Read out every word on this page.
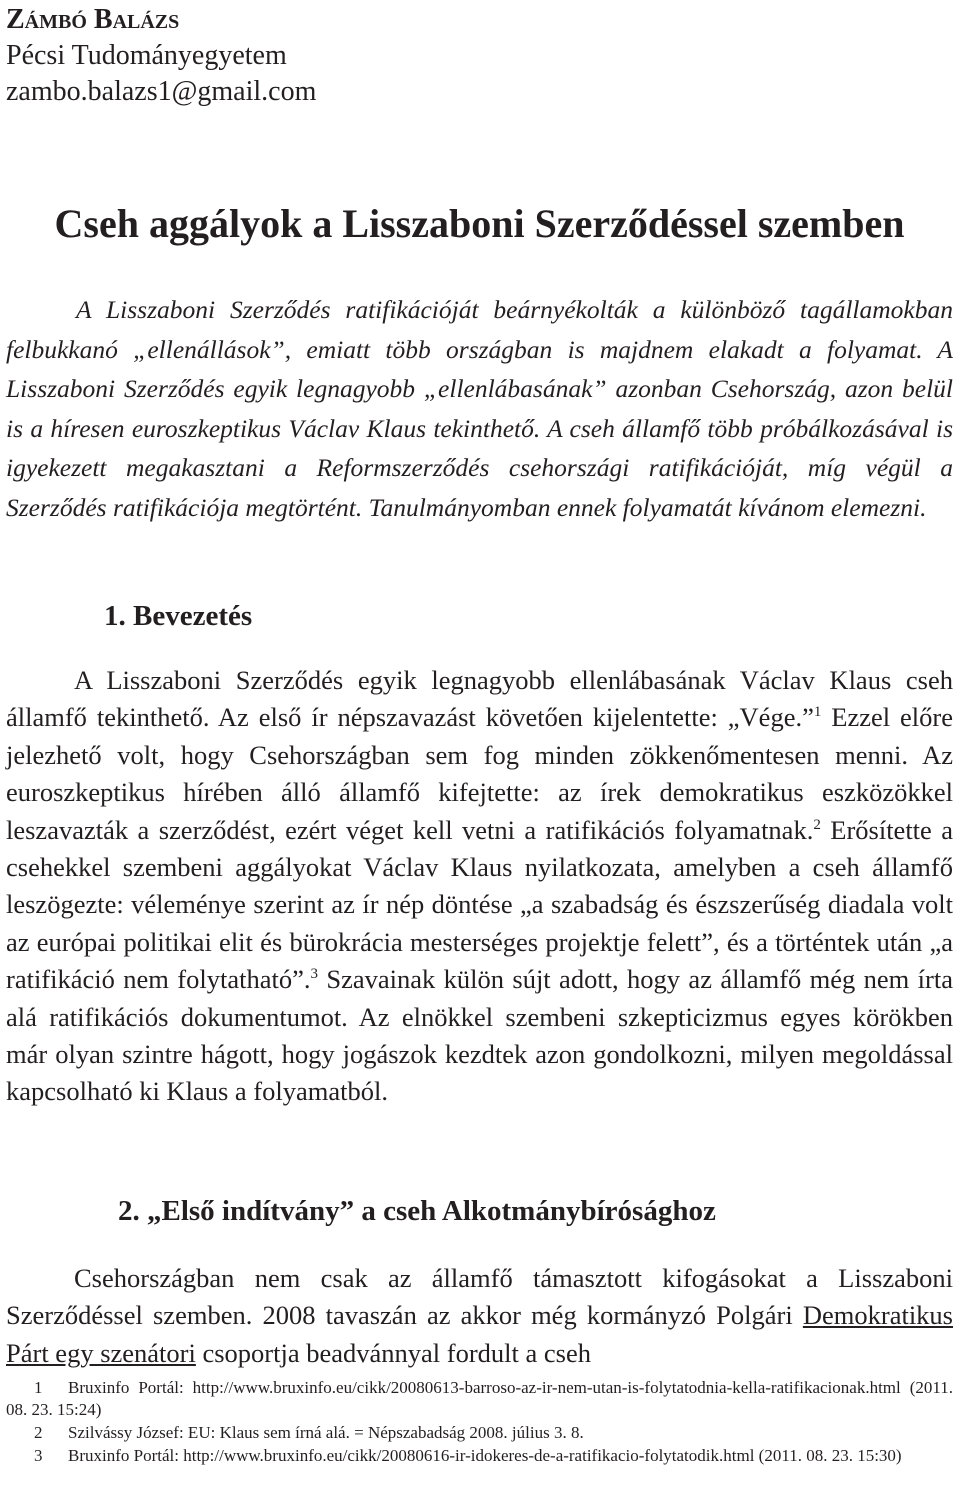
Zámbó Balázs
Pécsi Tudományegyetem
zambo.balazs1@gmail.com
Cseh aggályok a Lisszaboni Szerződéssel szemben

A Lisszaboni Szerződés ratifikációját beárnyékolták a különböző tagállamokban felbukkanó „ellenállások”, emiatt több országban is majdnem elakadt a folyamat. A Lisszaboni Szerződés egyik legnagyobb „ellenlábasának” azonban Csehország, azon belül is a híresen euroszkeptikus Václav Klaus tekinthető. A cseh államfő több próbálkozásával is igyekezett megakasztani a Reformszerződés csehországi ratifikációját, míg végül a Szerződés ratifikációja megtörtént. Tanulmányomban ennek folyamatát kívánom elemezni.

1. Bevezetés

A Lisszaboni Szerződés egyik legnagyobb ellenlábasának Václav Klaus cseh államfő tekinthető. Az első ír népszavazást követően kijelentette: „Vége.”$^1$ Ezzel előre jelezhető volt, hogy Csehországban sem fog minden zökkenőmentesen menni. Az euroszkeptikus hírében álló államfő kifejtette: az írek demokratikus eszközökkel leszavazták a szerződést, ezért véget kell vetni a ratifikációs folyamatnak.$^2$ Erősítette a csehekkel szembeni aggályokat Václav Klaus nyilatkozata, amelyben a cseh államfő leszögezte: véleménye szerint az ír nép döntése „a szabadság és észszerűség diadala volt az európai politikai elit és bürokrácia mesterséges projektje felett”, és a történtek után „a ratifikáció nem folytatható”.$^3$ Szavainak külön sújt adott, hogy az államfő még nem írta alá ratifikációs dokumentumot. Az elnökkel szembeni szkepticizmus egyes körökben már olyan szintre hágott, hogy jogászok kezdtek azon gondolkozni, milyen megoldással kapcsolható ki Klaus a folyamatból.

2. „Első indítvány” a cseh Alkotmánybírósághoz

Csehországban nem csak az államfő támasztott kifogásokat a Lisszaboni Szerződéssel szemben. 2008 tavaszán az akkor még kormányzó Polgári Demokratikus Párt egy szenátori csoportja beadvánnyal fordult a cseh

1 Bruxinfo Portál: http://www.bruxinfo.eu/cikk/20080613-barroso-az-ir-nem-utan-is-folytatodnia-kella-ratifikacionak.html (2011. 08. 23. 15:24)

2 Szilvássy József: EU: Klaus sem írná alá. = Népszabadság 2008. július 3. 8.

3 Bruxinfo Portál: http://www.bruxinfo.eu/cikk/20080616-ir-idokeres-de-a-ratifikacio-folytatodik.html (2011. 08. 23. 15:30)
